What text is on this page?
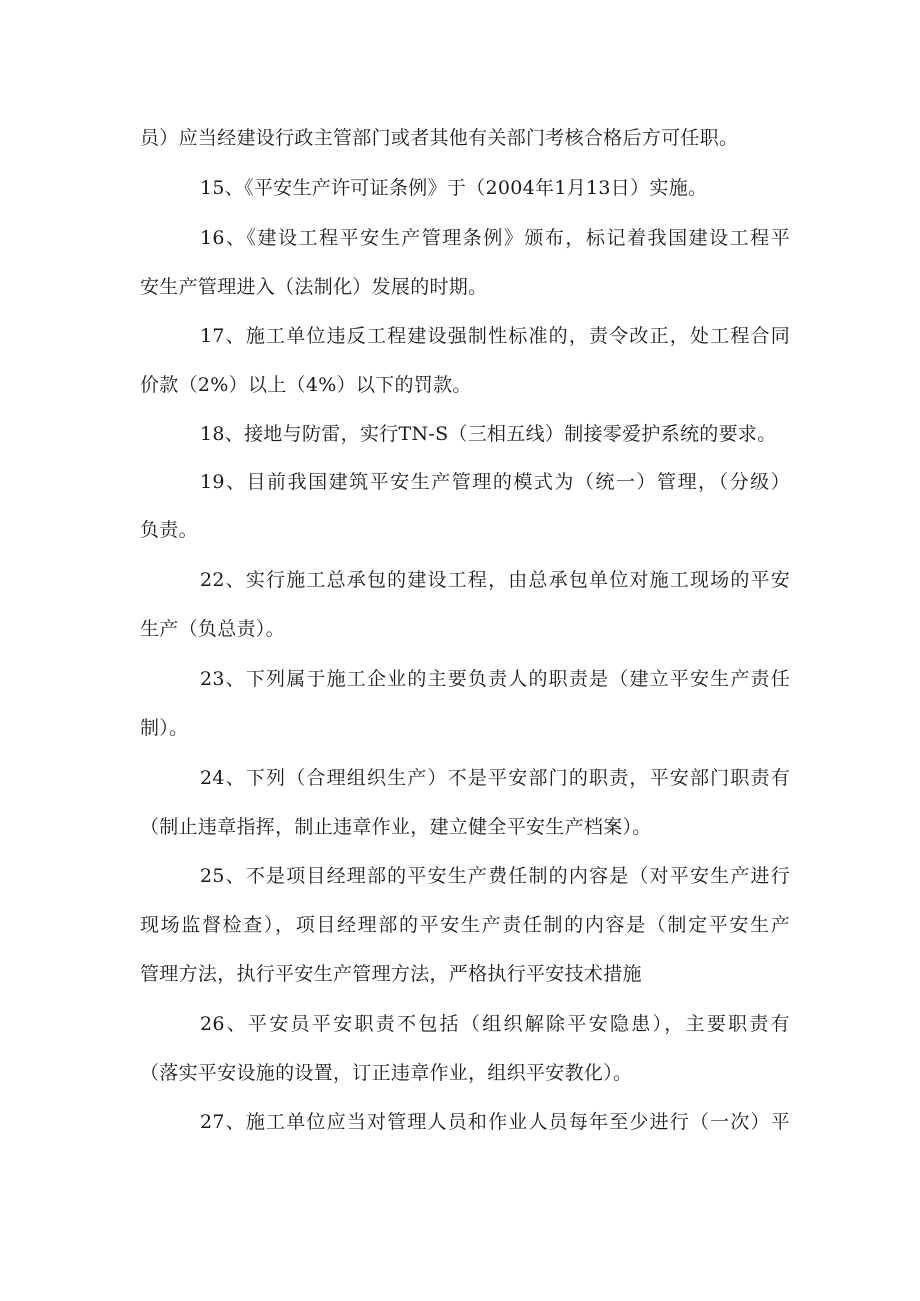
员）应当经建设行政主管部门或者其他有关部门考核合格后方可任职。
15、《平安生产许可证条例》于（2004年1月13日）实施。
16、《建设工程平安生产管理条例》颁布，标记着我国建设工程平
安生产管理进入（法制化）发展的时期。
17、施工单位违反工程建设强制性标准的，责令改正，处工程合同
价款（2%）以上（4%）以下的罚款。
18、接地与防雷，实行TN-S（三相五线）制接零爱护系统的要求。
19、目前我国建筑平安生产管理的模式为（统一）管理，（分级）
负责。
22、实行施工总承包的建设工程，由总承包单位对施工现场的平安
生产（负总责）。
23、下列属于施工企业的主要负责人的职责是（建立平安生产责任
制）。
24、下列（合理组织生产）不是平安部门的职责，平安部门职责有
（制止违章指挥，制止违章作业，建立健全平安生产档案）。
25、不是项目经理部的平安生产费任制的内容是（对平安生产进行
现场监督检查），项目经理部的平安生产责任制的内容是（制定平安生产
管理方法，执行平安生产管理方法，严格执行平安技术措施
26、平安员平安职责不包括（组织解除平安隐患），主要职责有
（落实平安设施的设置，订正违章作业，组织平安教化）。
27、施工单位应当对管理人员和作业人员每年至少进行（一次）平
